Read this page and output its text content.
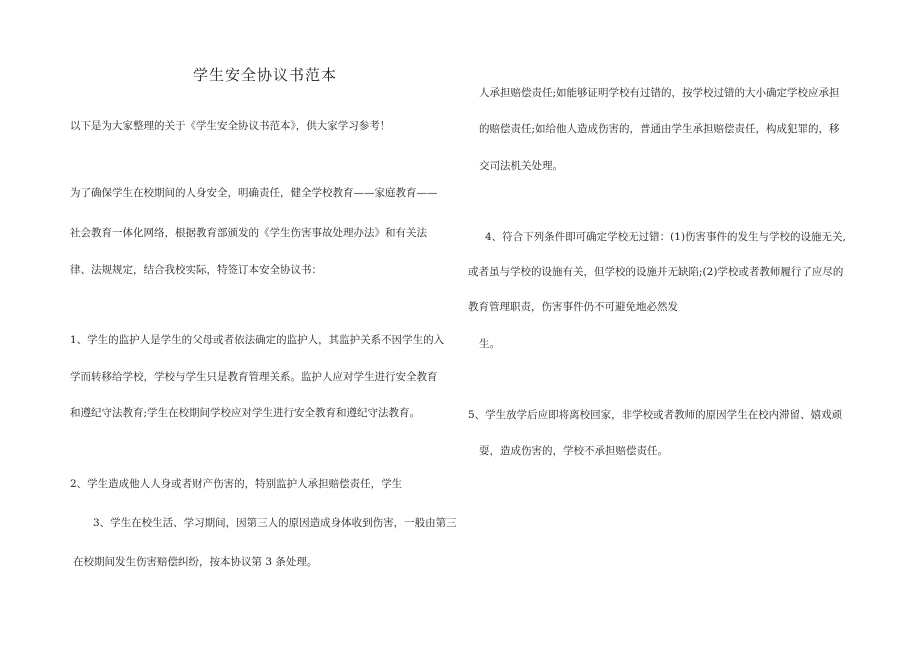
学生安全协议书范本
以下是为大家整理的关于《学生安全协议书范本》，供大家学习参考！
为了确保学生在校期间的人身安全，明确责任，健全学校教育——家庭教育——
社会教育一体化网络，根据教育部颁发的《学生伤害事故处理办法》和有关法
律、法规规定，结合我校实际，特签订本安全协议书：
1、学生的监护人是学生的父母或者依法确定的监护人，其监护关系不因学生的入
学而转移给学校，学校与学生只是教育管理关系。监护人应对学生进行安全教育
和遵纪守法教育;学生在校期间学校应对学生进行安全教育和遵纪守法教育。
2、学生造成他人人身或者财产伤害的，特别监护人承担赔偿责任，学生
3、学生在校生活、学习期间，因第三人的原因造成身体收到伤害，一般由第三
在校期间发生伤害赔偿纠纷，按本协议第 3 条处理。
人承担赔偿责任;如能够证明学校有过错的，按学校过错的大小确定学校应承担
的赔偿责任;如给他人造成伤害的，普通由学生承担赔偿责任，构成犯罪的，移
交司法机关处理。
4、符合下列条件即可确定学校无过错：(1)伤害事件的发生与学校的设施无关,
或者虽与学校的设施有关，但学校的设施并无缺陷;(2)学校或者教师履行了应尽的
教育管理职责，伤害事件仍不可避免地必然发
生。
5、学生放学后应即将离校回家，非学校或者教师的原因学生在校内滞留、嬉戏顽
耍，造成伤害的，学校不承担赔偿责任。
